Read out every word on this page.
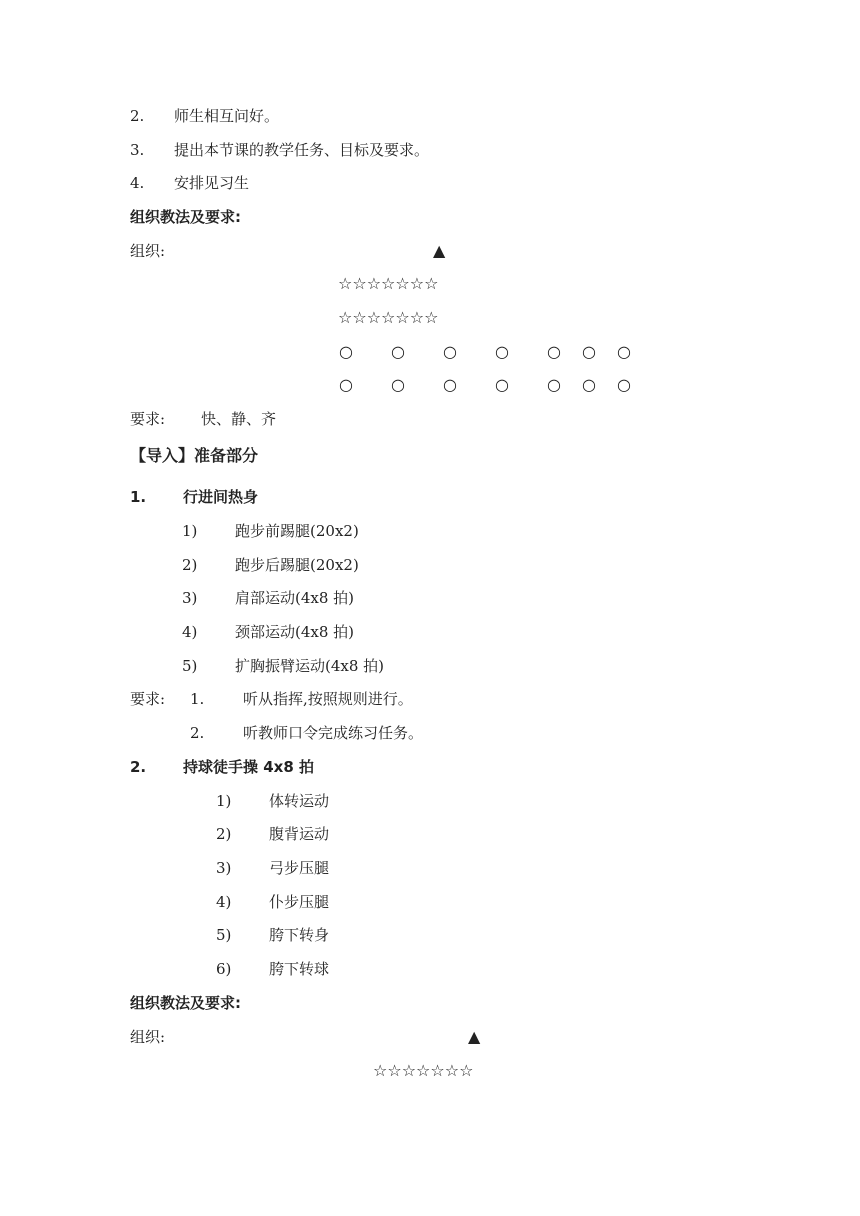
2. 师生相互问好。
3. 提出本节课的教学任务、目标及要求。
4. 安排见习生
组织教法及要求:
组织:	▲
☆☆☆☆☆☆☆
☆☆☆☆☆☆☆
○ ○ ○ ○ ○ ○ ○
○ ○ ○ ○ ○ ○ ○
要求: 快、静、齐
【导入】准备部分
1. 行进间热身
1)	跑步前踢腿(20x2)
2)	跑步后踢腿(20x2)
3)	肩部运动(4x8 拍)
4)	颈部运动(4x8 拍)
5)	扩胸振臂运动(4x8 拍)
要求: 1.	听从指挥,按照规则进行。
2.	听教师口令完成练习任务。
2. 持球徒手操 4x8 拍
1)	体转运动
2)	腹背运动
3)	弓步压腿
4)	仆步压腿
5)	胯下转身
6)	胯下转球
组织教法及要求:
组织:	▲
☆☆☆☆☆☆☆
